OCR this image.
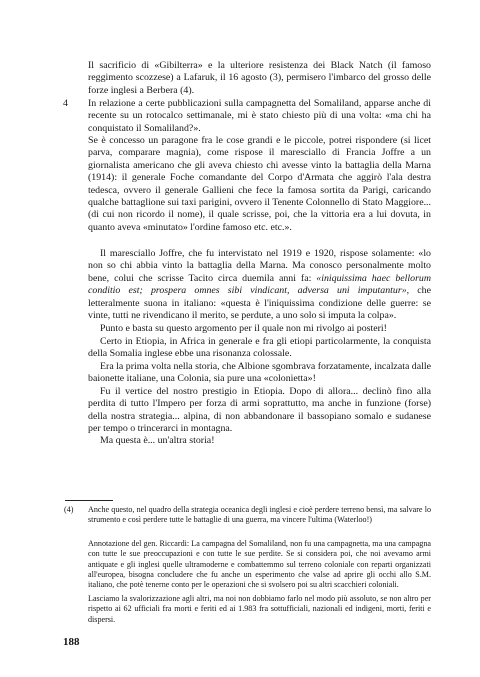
Il sacrificio di «Gibilterra» e la ulteriore resistenza dei Black Natch (il famoso reggimento scozzese) a Lafaruk, il 16 agosto (3), permisero l'imbarco del grosso delle forze inglesi a Berbera (4).

4 In relazione a certe pubblicazioni sulla campagnetta del Somaliland, apparse anche di recente su un rotocalco settimanale, mi è stato chiesto più di una volta: «ma chi ha conquistato il Somaliland?».

Se è concesso un paragone fra le cose grandi e le piccole, potrei rispondere (si licet parva, comparare magnia), come rispose il maresciallo di Francia Joffre a un giornalista americano che gli aveva chiesto chi avesse vinto la battaglia della Marna (1914): il generale Foche comandante del Corpo d'Armata che aggirò l'ala destra tedesca, ovvero il generale Gallieni che fece la famosa sortita da Parigi, caricando qualche battaglione sui taxi parigini, ovvero il Tenente Colonnello di Stato Maggiore... (di cui non ricordo il nome), il quale scrisse, poi, che la vittoria era a lui dovuta, in quanto aveva «minutato» l'ordine famoso etc. etc.».

Il maresciallo Joffre, che fu intervistato nel 1919 e 1920, rispose solamente: «lo non so chi abbia vinto la battaglia della Marna. Ma conosco personalmente molto bene, colui che scrisse Tacito circa duemila anni fa: «iniquissima haec bellorum conditio est; prospera omnes sibi vindicant, adversa uni imputantur», che letteralmente suona in italiano: «questa è l'iniquissima condizione delle guerre: se vinte, tutti ne rivendicano il merito, se perdute, a uno solo si imputa la colpa».

Punto e basta su questo argomento per il quale non mi rivolgo ai posteri!

Certo in Etiopia, in Africa in generale e fra gli etiopi particolarmente, la conquista della Somalia inglese ebbe una risonanza colossale.

Era la prima volta nella storia, che Albione sgombrava forzatamente, incalzata dalle baionette italiane, una Colonia, sia pure una «colonietta»!

Fu il vertice del nostro prestigio in Etiopia. Dopo di allora... declinò fino alla perdita di tutto l'Impero per forza di armi soprattutto, ma anche in funzione (forse) della nostra strategia... alpina, di non abbandonare il bassopiano somalo e sudanese per tempo o trincerarci in montagna.

Ma questa è... un'altra storia!

(4) Anche questo, nel quadro della strategia oceanica degli inglesi e cioè perdere terreno bensì, ma salvare lo strumento e così perdere tutte le battaglie di una guerra, ma vincere l'ultima (Waterloo!)

Annotazione del gen. Riccardi: La campagna del Somaliland, non fu una campagnetta, ma una campagna con tutte le sue preoccupazioni e con tutte le sue perdite. Se si considera poi, che noi avevamo armi antiquate e gli inglesi quelle ultramoderne e combattemmo sul terreno coloniale con reparti organizzati all'europea, bisogna concludere che fu anche un esperimento che valse ad aprire gli occhi allo S.M. italiano, che potè tenerne conto per le operazioni che si svolsero poi su altri scacchieri coloniali.

Lasciamo la svalorizzazione agli altri, ma noi non dobbiamo farlo nel modo più assoluto, se non altro per rispetto ai 62 ufficiali fra morti e feriti ed ai 1.983 fra sottufficiali, nazionali ed indigeni, morti, feriti e dispersi.

188
